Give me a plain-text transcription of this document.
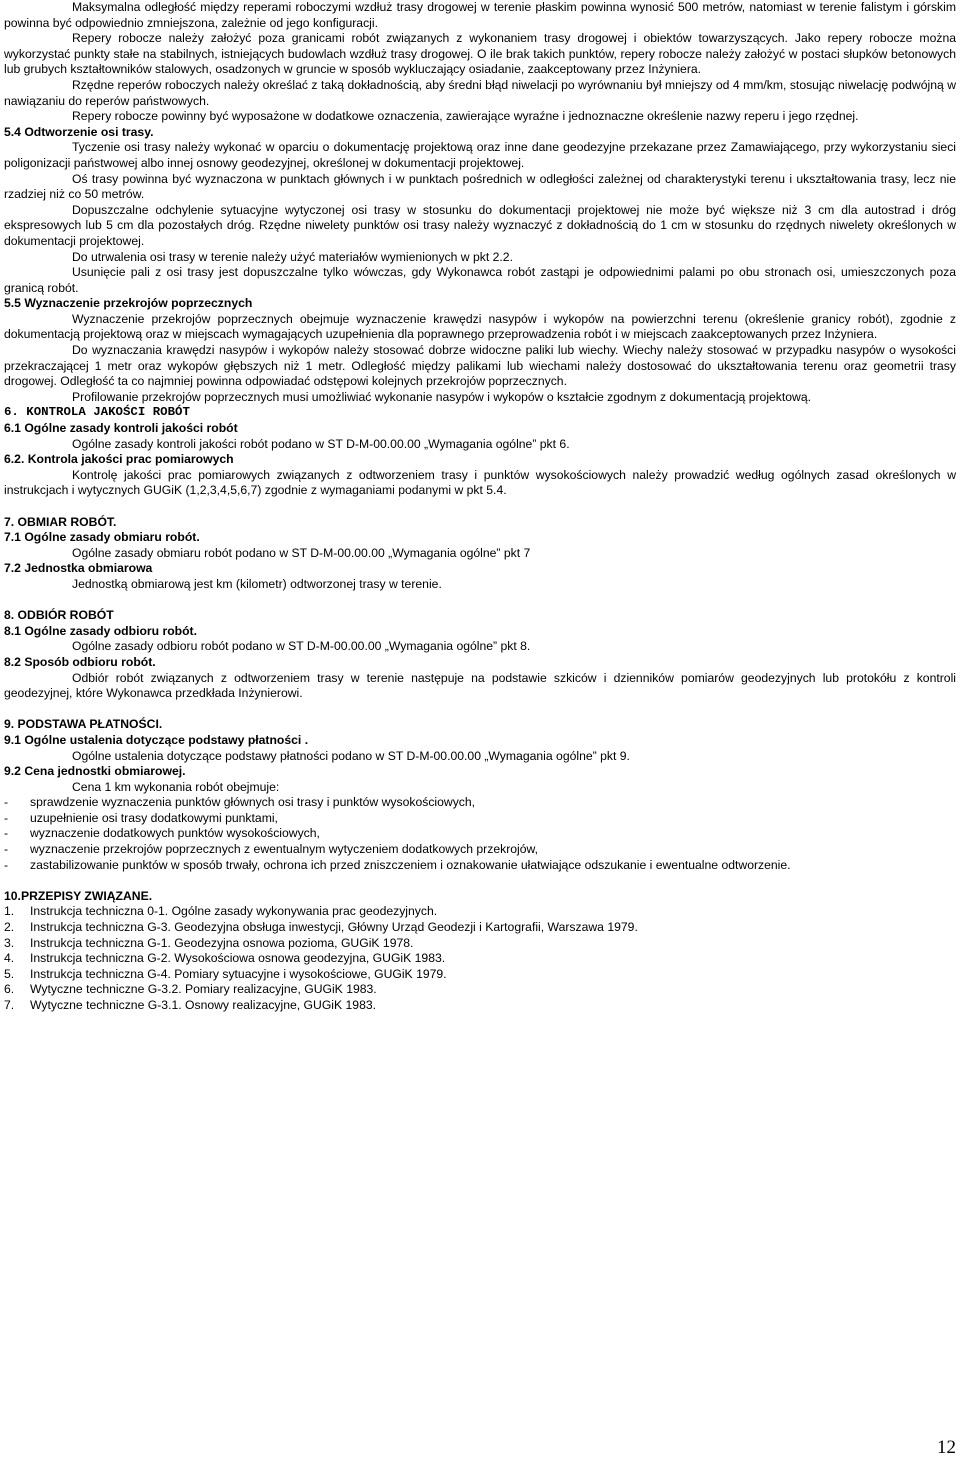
Maksymalna odległość między reperami roboczymi wzdłuż trasy drogowej w terenie płaskim powinna wynosić 500 metrów, natomiast w terenie falistym i górskim powinna być odpowiednio zmniejszona, zależnie od jego konfiguracji.

Repery robocze należy założyć poza granicami robót związanych z wykonaniem trasy drogowej i obiektów towarzyszących. Jako repery robocze można wykorzystać punkty stałe na stabilnych, istniejących budowlach wzdłuż trasy drogowej. O ile brak takich punktów, repery robocze należy założyć w postaci słupków betonowych lub grubych kształtowników stalowych, osadzonych w gruncie w sposób wykluczający osiadanie, zaakceptowany przez Inżyniera.

Rzędne reperów roboczych należy określać z taką dokładnością, aby średni błąd niwelacji po wyrównaniu był mniejszy od 4 mm/km, stosując niwelację podwójną w nawiązaniu do reperów państwowych.

Repery robocze powinny być wyposażone w dodatkowe oznaczenia, zawierające wyraźne i jednoznaczne określenie nazwy reperu i jego rzędnej.

5.4 Odtworzenie osi trasy.

Tyczenie osi trasy należy wykonać w oparciu o dokumentację projektową oraz inne dane geodezyjne przekazane przez Zamawiającego, przy wykorzystaniu sieci poligonizacji państwowej albo innej osnowy geodezyjnej, określonej w dokumentacji projektowej.

Oś trasy powinna być wyznaczona w punktach głównych i w punktach pośrednich w odległości zależnej od charakterystyki terenu i ukształtowania trasy, lecz nie rzadziej niż co 50 metrów.

Dopuszczalne odchylenie sytuacyjne wytyczonej osi trasy w stosunku do dokumentacji projektowej nie może być większe niż 3 cm dla autostrad i dróg ekspresowych lub 5 cm dla pozostałych dróg. Rzędne niwelety punktów osi trasy należy wyznaczyć z dokładnością do 1 cm w stosunku do rzędnych niwelety określonych w dokumentacji projektowej.

Do utrwalenia osi trasy w terenie należy użyć materiałów wymienionych w pkt 2.2.

Usunięcie pali z osi trasy jest dopuszczalne tylko wówczas, gdy Wykonawca robót zastąpi je odpowiednimi palami po obu stronach osi, umieszczonych poza granicą robót.

5.5 Wyznaczenie przekrojów poprzecznych

Wyznaczenie przekrojów poprzecznych obejmuje wyznaczenie krawędzi nasypów i wykopów na powierzchni terenu (określenie granicy robót), zgodnie z dokumentacją projektową oraz w miejscach wymagających uzupełnienia dla poprawnego przeprowadzenia robót i w miejscach zaakceptowanych przez Inżyniera.

Do wyznaczania krawędzi nasypów i wykopów należy stosować dobrze widoczne paliki lub wiechy. Wiechy należy stosować w przypadku nasypów o wysokości przekraczającej 1 metr oraz wykopów głębszych niż 1 metr. Odległość między palikami lub wiechami należy dostosować do ukształtowania terenu oraz geometrii trasy drogowej. Odległość ta co najmniej powinna odpowiadać odstępowi kolejnych przekrojów poprzecznych.

Profilowanie przekrojów poprzecznych musi umożliwiać wykonanie nasypów i wykopów o kształcie zgodnym z dokumentacją projektową.

6. KONTROLA JAKOŚCI ROBÓT

6.1 Ogólne zasady kontroli jakości robót

Ogólne zasady kontroli jakości robót podano w ST D-M-00.00.00 „Wymagania ogólne” pkt 6.

6.2. Kontrola jakości prac pomiarowych

Kontrolę jakości prac pomiarowych związanych z odtworzeniem trasy i punktów wysokościowych należy prowadzić według ogólnych zasad określonych w instrukcjach i wytycznych GUGiK (1,2,3,4,5,6,7) zgodnie z wymaganiami podanymi w pkt 5.4.

7. OBMIAR ROBÓT.

7.1 Ogólne zasady obmiaru robót.

Ogólne zasady obmiaru robót podano w ST D-M-00.00.00 „Wymagania ogólne” pkt 7

7.2 Jednostka obmiarowa

Jednostką obmiarową jest km (kilometr) odtworzonej trasy w terenie.

8. ODBIÓR ROBÓT

8.1 Ogólne zasady odbioru robót.

Ogólne zasady odbioru robót podano w ST D-M-00.00.00 „Wymagania ogólne” pkt 8.

8.2 Sposób odbioru robót.

Odbiór robót związanych z odtworzeniem trasy w terenie następuje na podstawie szkiców i dzienników pomiarów geodezyjnych lub protokółu z kontroli geodezyjnej, które Wykonawca przedkłada Inżynierowi.

9. PODSTAWA PŁATNOŚCI.

9.1 Ogólne ustalenia dotyczące podstawy płatności .

Ogólne ustalenia dotyczące podstawy płatności podano w ST D-M-00.00.00 „Wymagania ogólne” pkt 9.

9.2 Cena jednostki obmiarowej.

Cena 1 km wykonania robót obejmuje:

-	sprawdzenie wyznaczenia punktów głównych osi trasy i punktów wysokościowych,
-	uzupełnienie osi trasy dodatkowymi punktami,
-	wyznaczenie dodatkowych punktów wysokościowych,
-	wyznaczenie przekrojów poprzecznych z ewentualnym wytyczeniem dodatkowych przekrojów,
-	zastabilizowanie punktów w sposób trwały, ochrona ich przed zniszczeniem i oznakowanie ułatwiające odszukanie i ewentualne odtworzenie.

10.PRZEPISY ZWIĄZANE.

1.	Instrukcja techniczna 0-1. Ogólne zasady wykonywania prac geodezyjnych.
2.	Instrukcja techniczna G-3. Geodezyjna obsługa inwestycji, Główny Urząd Geodezji i Kartografii, Warszawa 1979.
3.	Instrukcja techniczna G-1. Geodezyjna osnowa pozioma, GUGiK 1978.
4.	Instrukcja techniczna G-2. Wysokościowa osnowa geodezyjna, GUGiK 1983.
5.	Instrukcja techniczna G-4. Pomiary sytuacyjne i wysokościowe, GUGiK 1979.
6.	Wytyczne techniczne G-3.2. Pomiary realizacyjne, GUGiK 1983.
7.	Wytyczne techniczne G-3.1. Osnowy realizacyjne, GUGiK 1983.
12
